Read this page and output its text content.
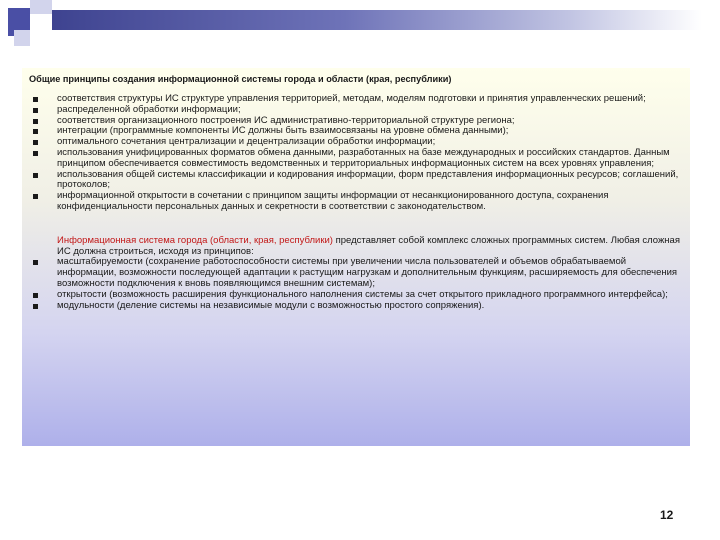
Общие принципы создания информационной системы города и области (края, республики)
соответствия структуры ИС структуре управления территорией, методам, моделям подготовки и принятия управленческих решений;
распределенной обработки информации;
соответствия организационного построения ИС административно-территориальной структуре региона;
интеграции (программные компоненты ИС должны быть взаимосвязаны на уровне обмена данными);
оптимального сочетания централизации и децентрализации обработки информации;
использования унифицированных форматов обмена данными, разработанных на базе международных и российских стандартов. Данным принципом обеспечивается совместимость ведомственных и территориальных информационных систем на всех уровнях управления;
использования общей системы классификации и кодирования информации, форм представления информационных ресурсов; соглашений, протоколов;
информационной открытости в сочетании с принципом защиты информации от несанкционированного доступа, сохранения конфиденциальности персональных данных и секретности в соответствии с законодательством.

Информационная система города (области, края, республики) представляет собой комплекс сложных программных систем. Любая сложная ИС должна строиться, исходя из принципов:

масштабируемости (сохранение работоспособности системы при увеличении числа пользователей и объемов обрабатываемой информации, возможности последующей адаптации к растущим нагрузкам и дополнительным функциям, расширяемость для обеспечения возможности подключения к вновь появляющимся внешним системам);
открытости (возможность расширения функционального наполнения системы за счет открытого прикладного программного интерфейса);
модульности (деление системы на независимые модули с возможностью простого сопряжения).
12
